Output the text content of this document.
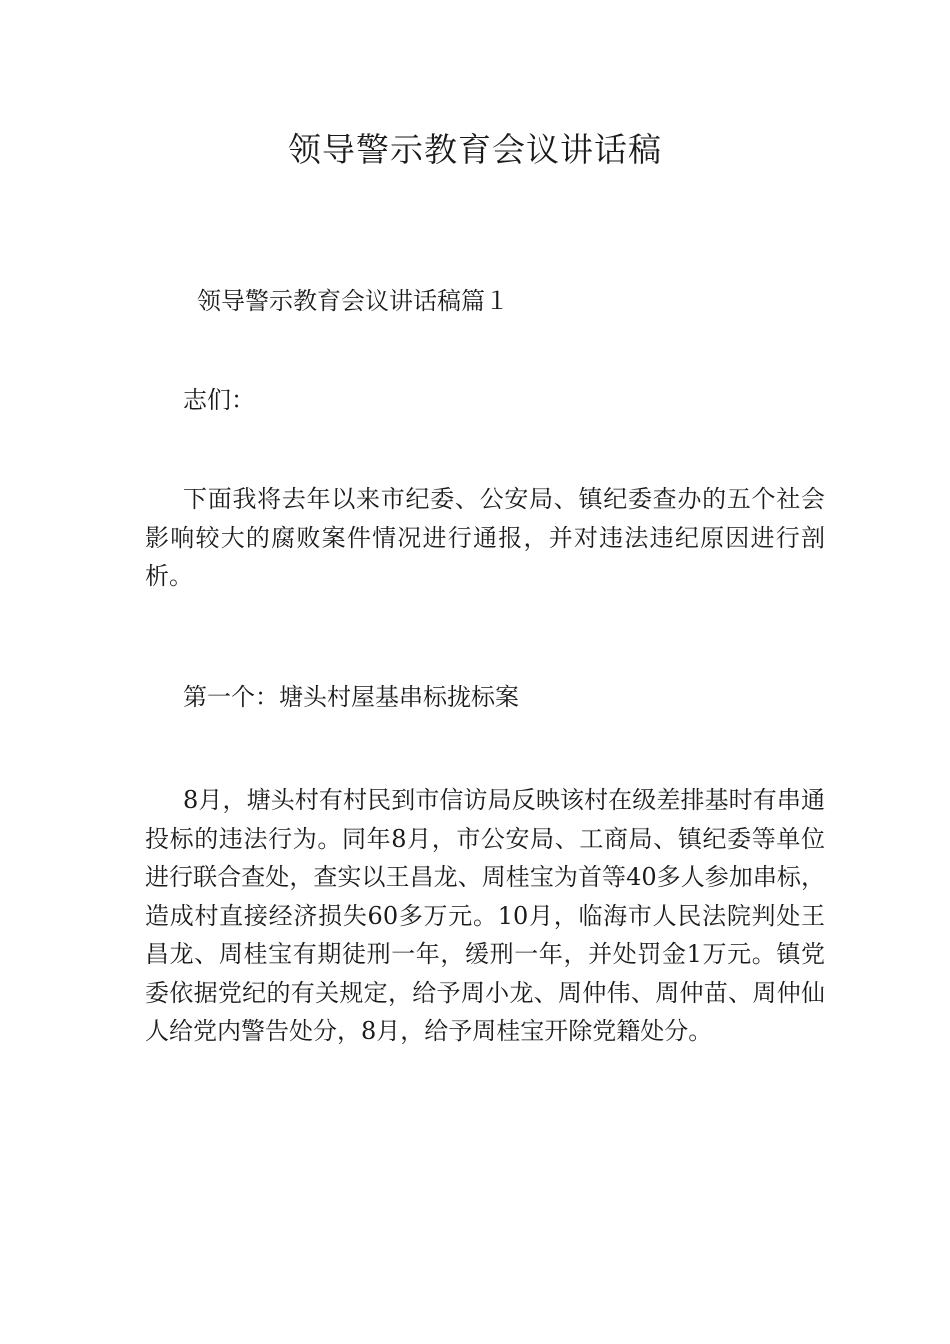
领导警示教育会议讲话稿

领导警示教育会议讲话稿篇１

志们：

下面我将去年以来市纪委、公安局、镇纪委查办的五个社会影响较大的腐败案件情况进行通报，并对违法违纪原因进行剖析。

第一个：塘头村屋基串标拢标案

8月，塘头村有村民到市信访局反映该村在级差排基时有串通投标的违法行为。同年8月，市公安局、工商局、镇纪委等单位进行联合查处，查实以王昌龙、周桂宝为首等40多人参加串标，造成村直接经济损失60多万元。10月，临海市人民法院判处王昌龙、周桂宝有期徒刑一年，缓刑一年，并处罚金1万元。镇党委依据党纪的有关规定，给予周小龙、周仲伟、周仲苗、周仲仙人给党内警告处分，8月，给予周桂宝开除党籍处分。
